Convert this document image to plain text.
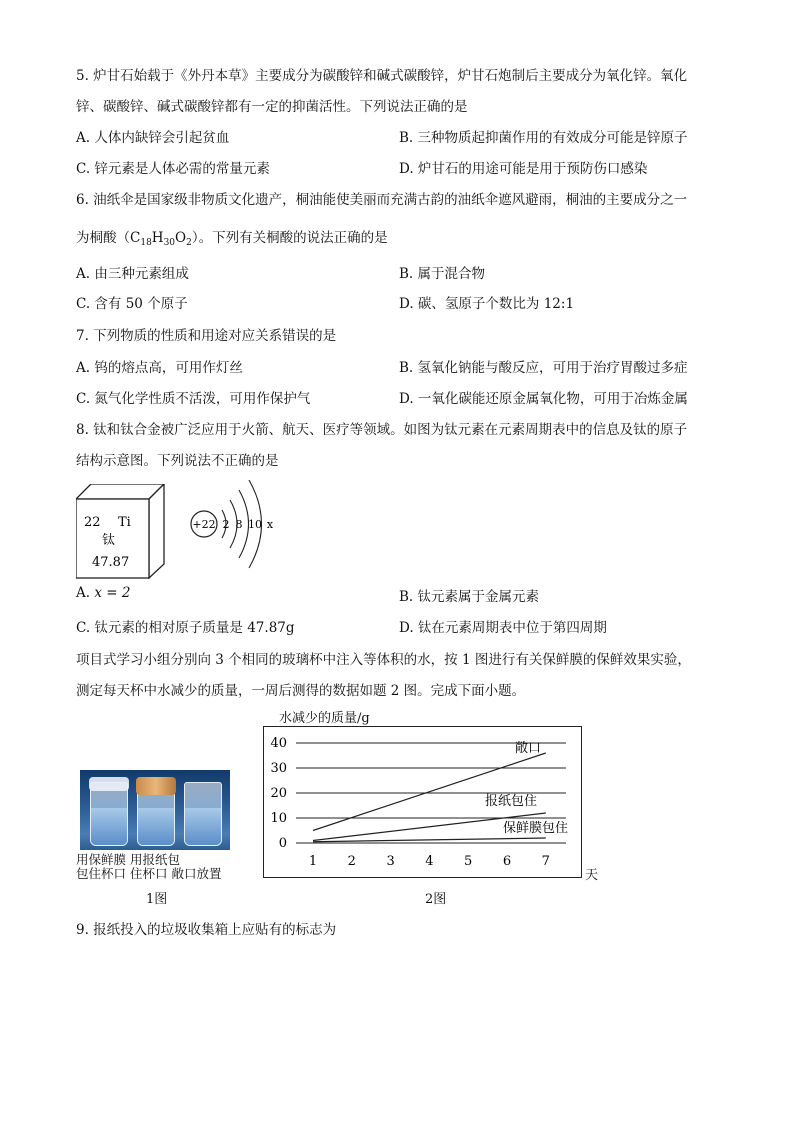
5. 炉甘石始载于《外丹本草》主要成分为碳酸锌和碱式碳酸锌，炉甘石炮制后主要成分为氧化锌。氧化
锌、碳酸锌、碱式碳酸锌都有一定的抑菌活性。下列说法正确的是
A. 人体内缺锌会引起贫血	B. 三种物质起抑菌作用的有效成分可能是锌原子
C. 锌元素是人体必需的常量元素	D. 炉甘石的用途可能是用于预防伤口感染
6. 油纸伞是国家级非物质文化遗产，桐油能使美丽而充满古韵的油纸伞遮风避雨，桐油的主要成分之一
为桐酸$(C_{18}H_{30}O_2)$。下列有关桐酸的说法正确的是
A. 由三种元素组成	B. 属于混合物
C. 含有 50 个原子	D. 碳、氢原子个数比为 12:1
7. 下列物质的性质和用途对应关系错误的是
A. 钨的熔点高，可用作灯丝	B. 氢氧化钠能与酸反应，可用于治疗胃酸过多症
C. 氮气化学性质不活泼，可用作保护气	D. 一氧化碳能还原金属氧化物，可用于冶炼金属
8. 钛和钛合金被广泛应用于火箭、航天、医疗等领域。如图为钛元素在元素周期表中的信息及钛的原子
结构示意图。下列说法不正确的是
22 Ti
钛
47.87
+22 2 8 10 x
A. x = 2	B. 钛元素属于金属元素
C. 钛元素的相对原子质量是 47.87g	D. 钛在元素周期表中位于第四周期
项目式学习小组分别向 3 个相同的玻璃杯中注入等体积的水，按 1 图进行有关保鲜膜的保鲜效果实验，
测定每天杯中水减少的质量，一周后测得的数据如题 2 图。完成下面小题。
用保鲜膜 用报纸包
包住杯口 住杯口 敞口放置
1图
水减少的质量/g
0
10
20
30
40
1 2 3 4 5 6 7
敞口
报纸包住
保鲜膜包住
天
2图
9. 报纸投入的垃圾收集箱上应贴有的标志为
